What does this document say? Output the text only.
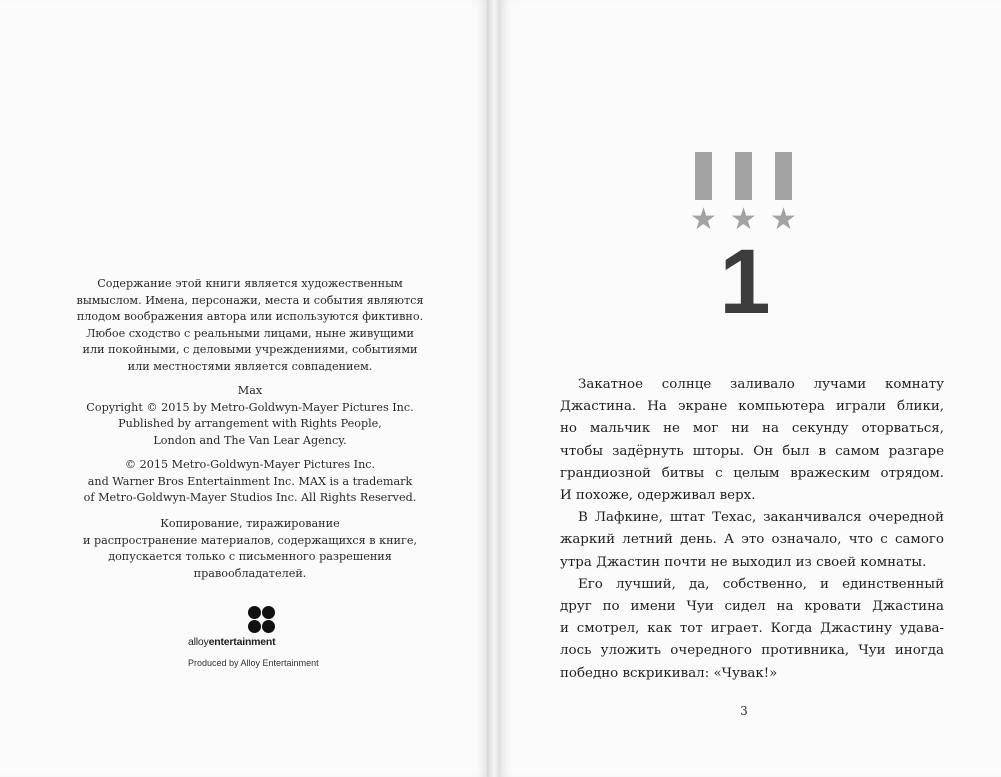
Содержание этой книги является художественным
вымыслом. Имена, персонажи, места и события являются
плодом воображения автора или используются фиктивно.
Любое сходство с реальными лицами, ныне живущими
или покойными, с деловыми учреждениями, событиями
или местностями является совпадением.
Max
Copyright © 2015 by Metro-Goldwyn-Mayer Pictures Inc.
Published by arrangement with Rights People,
London and The Van Lear Agency.
© 2015 Metro-Goldwyn-Mayer Pictures Inc.
and Warner Bros Entertainment Inc. MAX is a trademark
of Metro-Goldwyn-Mayer Studios Inc. All Rights Reserved.
Копирование, тиражирование
и распространение материалов, содержащихся в книге,
допускается только с письменного разрешения
правообладателей.
alloyentertainment
Produced by Alloy Entertainment
★ ★ ★
1
Закатное солнце заливало лучами комнату
Джастина. На экране компьютера играли блики,
но мальчик не мог ни на секунду оторваться,
чтобы задёрнуть шторы. Он был в самом разгаре
грандиозной битвы с целым вражеским отрядом.
И похоже, одерживал верх.
В Лафкине, штат Техас, заканчивался очередной
жаркий летний день. А это означало, что с самого
утра Джастин почти не выходил из своей комнаты.
Его лучший, да, собственно, и единственный
друг по имени Чуи сидел на кровати Джастина
и смотрел, как тот играет. Когда Джастину удава-
лось уложить очередного противника, Чуи иногда
победно вскрикивал: «Чувак!»
3
